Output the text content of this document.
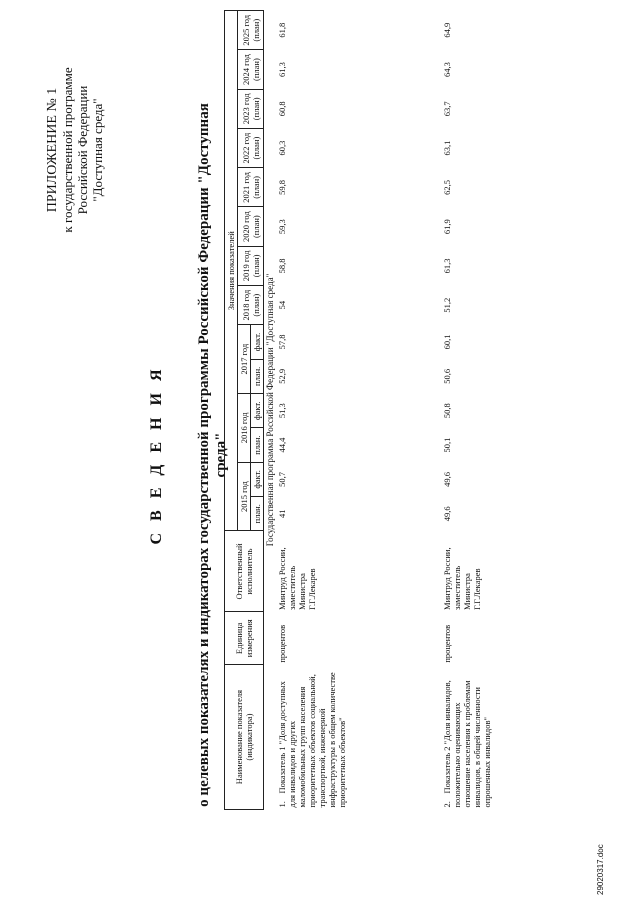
ПРИЛОЖЕНИЕ № 1 к государственной программе Российской Федерации "Доступная среда"
С В Е Д Е Н И Я о целевых показателях и индикаторах государственной программы Российской Федерации "Доступная среда"
Наименование показателя (индикатора)	Единица измерения	Ответственный исполнитель	Значения показателей													
			2015 год		2016 год		2017 год		2018 год (план)	2019 год (план)	2020 год (план)	2021 год (план)	2022 год (план)	2023 год (план)	2024 год (план)	2025 год (план)
			план.	факт.	план.	факт.	план.	факт.								
Государственная программа Российской Федерации "Доступная среда"																
1.Показатель 1 "Доля доступных для инвалидов и других маломобильных групп населения приоритетных объектов социальной, транспортной, инженерной инфраструктуры в общем количестве приоритетных объектов"	процентов	Минтруд России, заместитель Министра Г.Г.Лекарев	41	50,7	44,4	51,3	52,9	57,8	54	58,8	59,3	59,8	60,3	60,8	61,3	61,8
2.Показатель 2 "Доля инвалидов, положительно оценивающих отношение населения к проблемам инвалидов, в общей численности опрошенных инвалидов"	процентов	Минтруд России, заместитель Министра Г.Г.Лекарев	49,6	49,6	50,1	50,8	50,6	60,1	51,2	61,3	61,9	62,5	63,1	63,7	64,3	64,9
29020317.doc
